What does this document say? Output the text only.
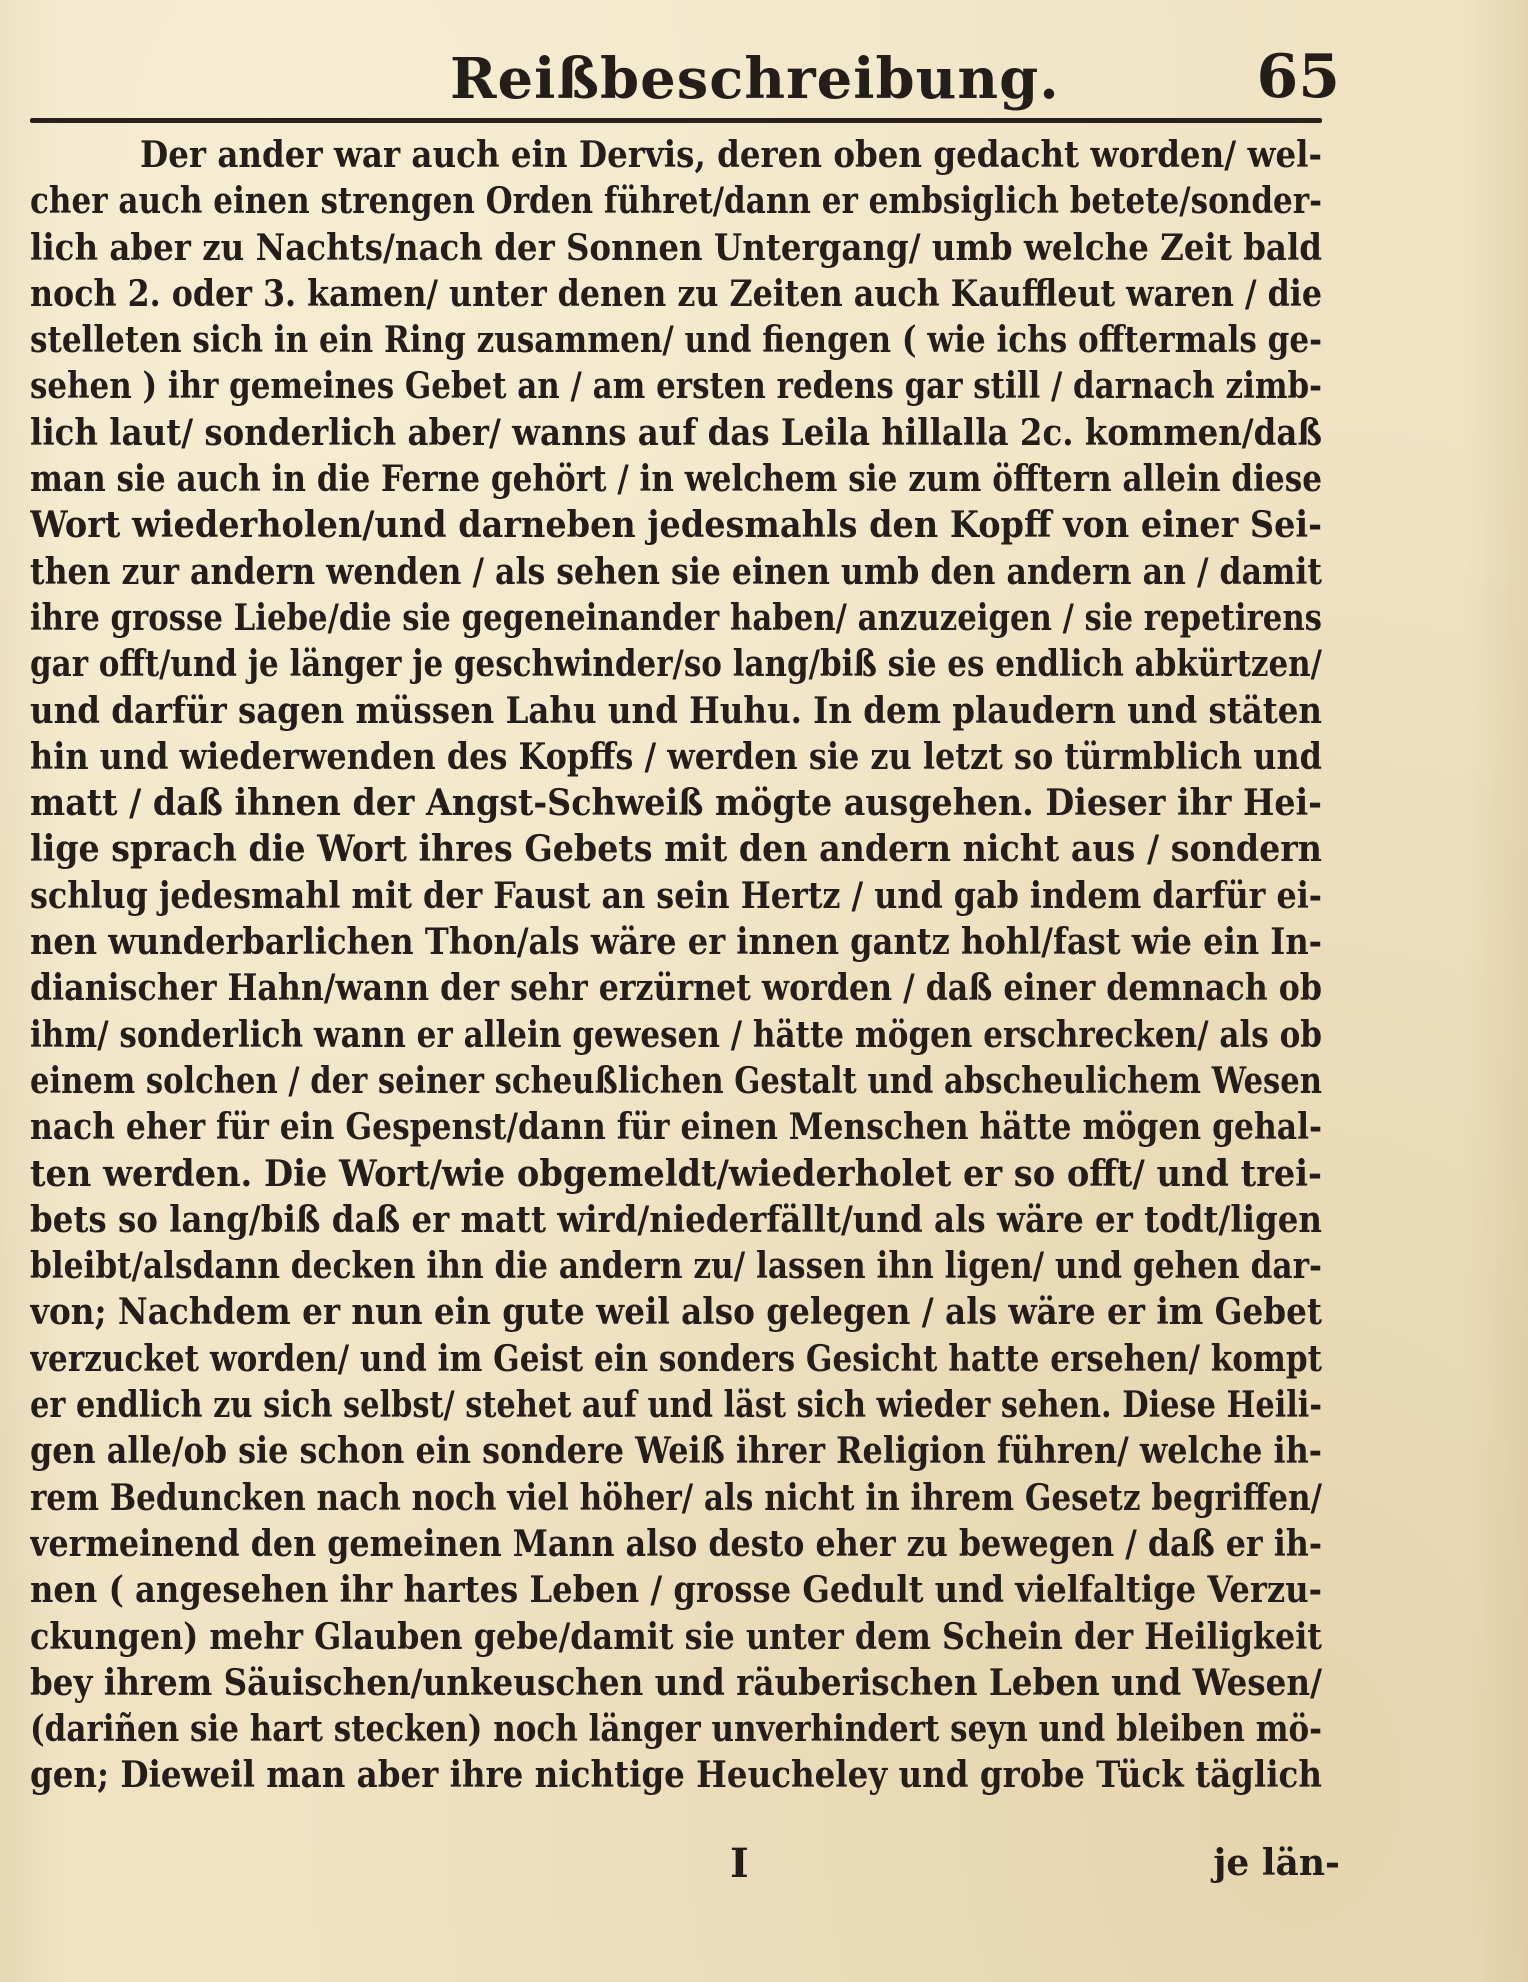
Reißbeschreibung.	65
Der ander war auch ein Dervis, deren oben gedacht worden/ wel-
cher auch einen strengen Orden führet/dann er embsiglich betete/sonder-
lich aber zu Nachts/nach der Sonnen Untergang/ umb welche Zeit bald
noch 2. oder 3. kamen/ unter denen zu Zeiten auch Kauffleut waren / die
stelleten sich in ein Ring zusammen/ und fiengen ( wie ichs offtermals ge-
sehen ) ihr gemeines Gebet an / am ersten redens gar still / darnach zimb-
lich laut/ sonderlich aber/ wanns auf das Leila hillalla 2c. kommen/daß
man sie auch in die Ferne gehört / in welchem sie zum öfftern allein diese
Wort wiederholen/und darneben jedesmahls den Kopff von einer Sei-
then zur andern wenden / als sehen sie einen umb den andern an / damit
ihre grosse Liebe/die sie gegeneinander haben/ anzuzeigen / sie repetirens
gar offt/und je länger je geschwinder/so lang/biß sie es endlich abkürtzen/
und darfür sagen müssen Lahu und Huhu. In dem plaudern und stäten
hin und wiederwenden des Kopffs / werden sie zu letzt so türmblich und
matt / daß ihnen der Angst-Schweiß mögte ausgehen. Dieser ihr Hei-
lige sprach die Wort ihres Gebets mit den andern nicht aus / sondern
schlug jedesmahl mit der Faust an sein Hertz / und gab indem darfür ei-
nen wunderbarlichen Thon/als wäre er innen gantz hohl/fast wie ein In-
dianischer Hahn/wann der sehr erzürnet worden / daß einer demnach ob
ihm/ sonderlich wann er allein gewesen / hätte mögen erschrecken/ als ob
einem solchen / der seiner scheußlichen Gestalt und abscheulichem Wesen
nach eher für ein Gespenst/dann für einen Menschen hätte mögen gehal-
ten werden. Die Wort/wie obgemeldt/wiederholet er so offt/ und trei-
bets so lang/biß daß er matt wird/niederfällt/und als wäre er todt/ligen
bleibt/alsdann decken ihn die andern zu/ lassen ihn ligen/ und gehen dar-
von; Nachdem er nun ein gute weil also gelegen / als wäre er im Gebet
verzucket worden/ und im Geist ein sonders Gesicht hatte ersehen/ kompt
er endlich zu sich selbst/ stehet auf und läst sich wieder sehen. Diese Heili-
gen alle/ob sie schon ein sondere Weiß ihrer Religion führen/ welche ih-
rem Beduncken nach noch viel höher/ als nicht in ihrem Gesetz begriffen/
vermeinend den gemeinen Mann also desto eher zu bewegen / daß er ih-
nen ( angesehen ihr hartes Leben / grosse Gedult und vielfaltige Verzu-
ckungen) mehr Glauben gebe/damit sie unter dem Schein der Heiligkeit
bey ihrem Säuischen/unkeuschen und räuberischen Leben und Wesen/
(dariñen sie hart stecken) noch länger unverhindert seyn und bleiben mö-
gen; Dieweil man aber ihre nichtige Heucheley und grobe Tück täglich
I	je län-
